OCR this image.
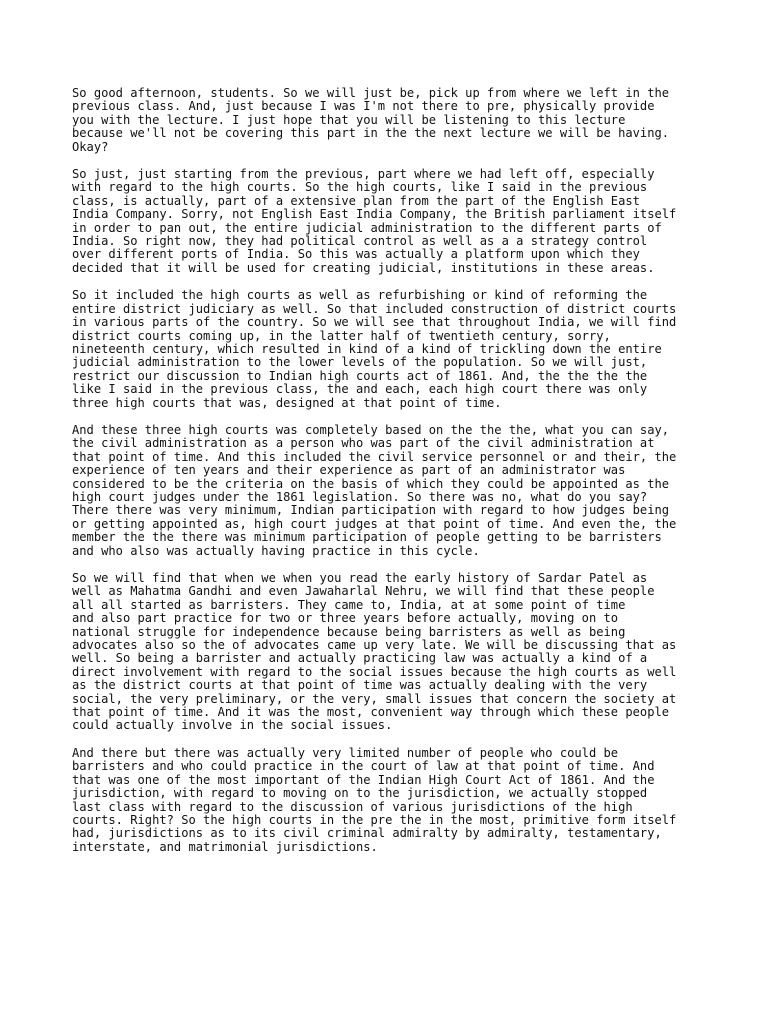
So good afternoon, students. So we will just be, pick up from where we left in the
previous class. And, just because I was I'm not there to pre, physically provide
you with the lecture. I just hope that you will be listening to this lecture
because we'll not be covering this part in the the next lecture we will be having.
Okay?

So just, just starting from the previous, part where we had left off, especially
with regard to the high courts. So the high courts, like I said in the previous
class, is actually, part of a extensive plan from the part of the English East
India Company. Sorry, not English East India Company, the British parliament itself
in order to pan out, the entire judicial administration to the different parts of
India. So right now, they had political control as well as a a strategy control
over different ports of India. So this was actually a platform upon which they
decided that it will be used for creating judicial, institutions in these areas.

So it included the high courts as well as refurbishing or kind of reforming the
entire district judiciary as well. So that included construction of district courts
in various parts of the country. So we will see that throughout India, we will find
district courts coming up, in the latter half of twentieth century, sorry,
nineteenth century, which resulted in kind of a kind of trickling down the entire
judicial administration to the lower levels of the population. So we will just,
restrict our discussion to Indian high courts act of 1861. And, the the the the
like I said in the previous class, the and each, each high court there was only
three high courts that was, designed at that point of time.

And these three high courts was completely based on the the the, what you can say,
the civil administration as a person who was part of the civil administration at
that point of time. And this included the civil service personnel or and their, the
experience of ten years and their experience as part of an administrator was
considered to be the criteria on the basis of which they could be appointed as the
high court judges under the 1861 legislation. So there was no, what do you say?
There there was very minimum, Indian participation with regard to how judges being
or getting appointed as, high court judges at that point of time. And even the, the
member the the there was minimum participation of people getting to be barristers
and who also was actually having practice in this cycle.

So we will find that when we when you read the early history of Sardar Patel as
well as Mahatma Gandhi and even Jawaharlal Nehru, we will find that these people
all all started as barristers. They came to, India, at at some point of time
and also part practice for two or three years before actually, moving on to
national struggle for independence because being barristers as well as being
advocates also so the of advocates came up very late. We will be discussing that as
well. So being a barrister and actually practicing law was actually a kind of a
direct involvement with regard to the social issues because the high courts as well
as the district courts at that point of time was actually dealing with the very
social, the very preliminary, or the very, small issues that concern the society at
that point of time. And it was the most, convenient way through which these people
could actually involve in the social issues.

And there but there was actually very limited number of people who could be
barristers and who could practice in the court of law at that point of time. And
that was one of the most important of the Indian High Court Act of 1861. And the
jurisdiction, with regard to moving on to the jurisdiction, we actually stopped
last class with regard to the discussion of various jurisdictions of the high
courts. Right? So the high courts in the pre the in the most, primitive form itself
had, jurisdictions as to its civil criminal admiralty by admiralty, testamentary,
interstate, and matrimonial jurisdictions.
